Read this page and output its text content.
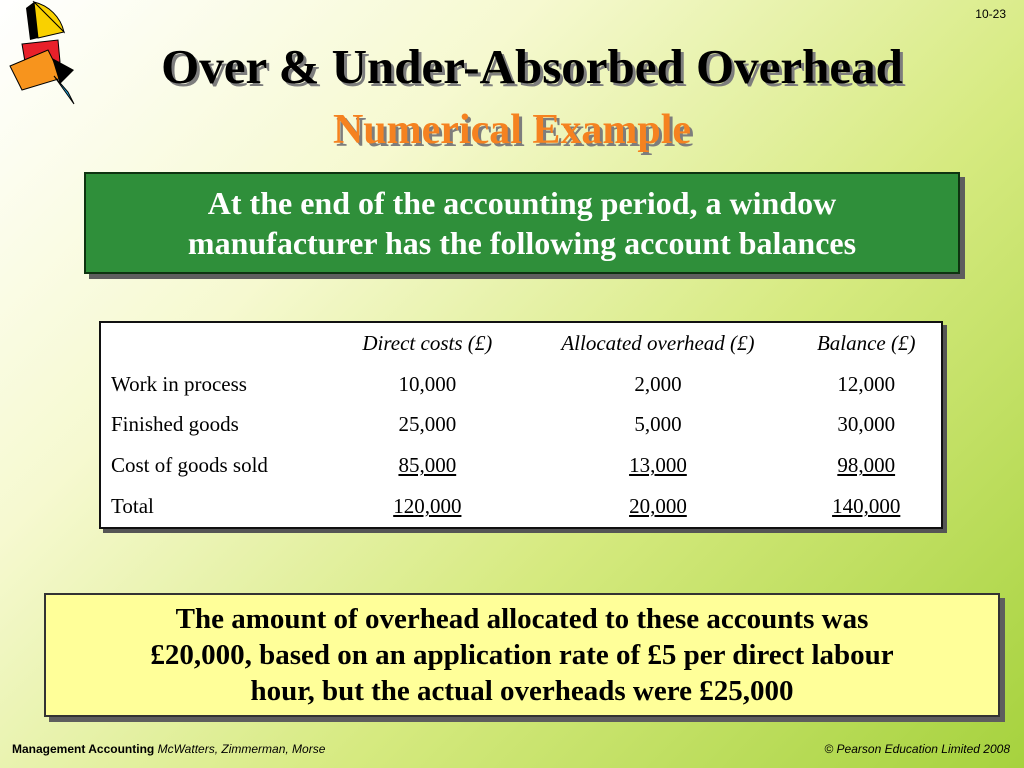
10-23
Over & Under-Absorbed Overhead
Numerical Example
At the end of the accounting period, a window
manufacturer has the following account balances
	Direct costs (£)	Allocated overhead (£)	Balance (£)
Work in process	10,000	2,000	12,000
Finished goods	25,000	5,000	30,000
Cost of goods sold	85,000	13,000	98,000
Total	120,000	20,000	140,000
The amount of overhead allocated to these accounts was
£20,000, based on an application rate of £5 per direct labour
hour, but the actual overheads were £25,000
Management Accounting McWatters, Zimmerman, Morse	© Pearson Education Limited 2008
